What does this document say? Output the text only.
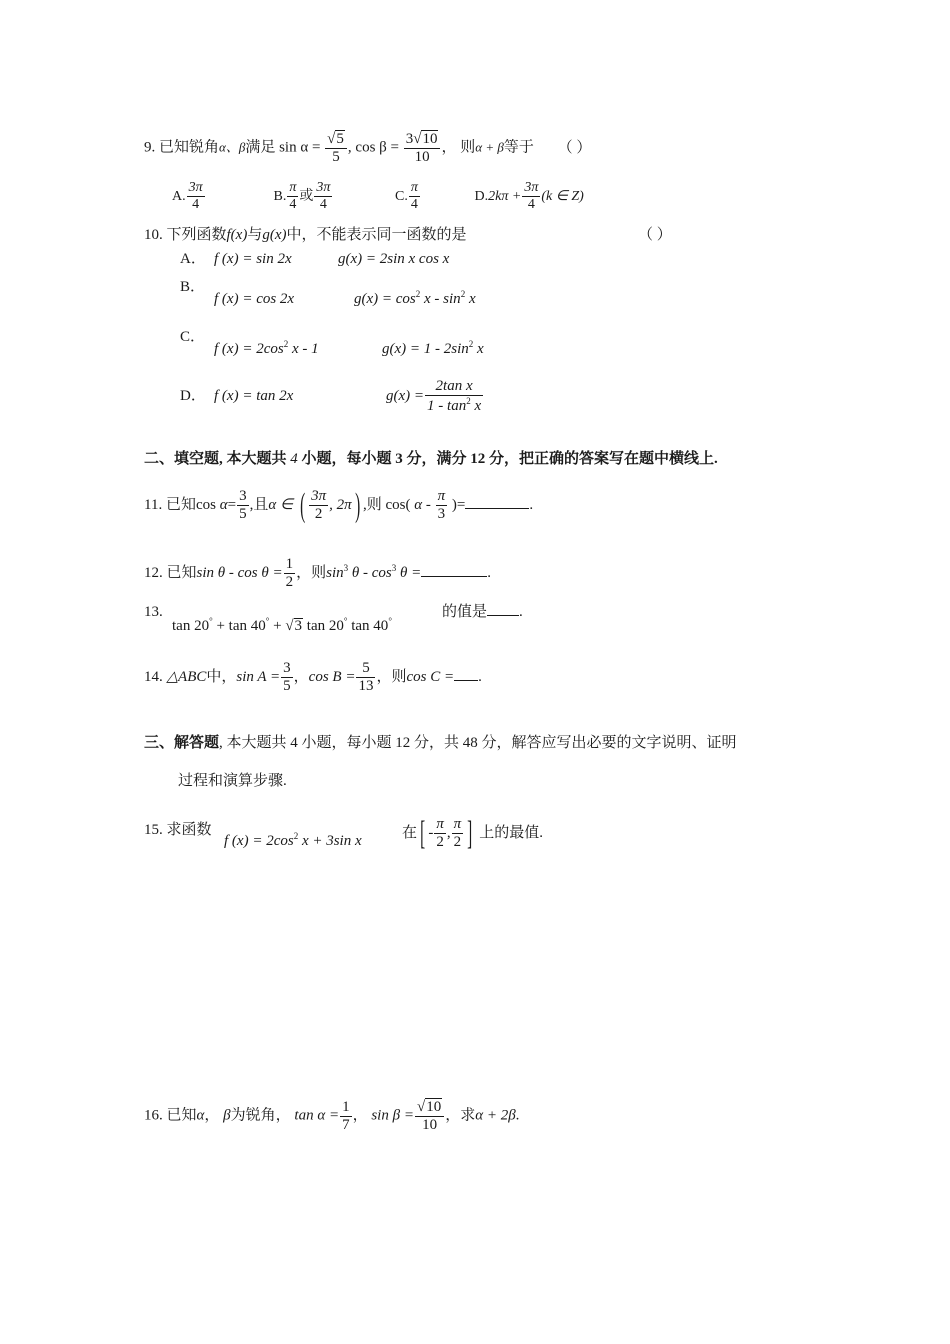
9. 已知锐角α、β满足 $\sin \alpha = \frac{√5}{5}$ , $\cos \beta = \frac{3√10}{10}$ ， 则α + β等于 （ ）
A. $\frac{3\pi}{4}$	B. $\frac{\pi}{4}$ 或 $\frac{3\pi}{4}$	C. $\frac{\pi}{4}$	$D.2k\pi + \frac{3\pi}{4} (k$ ∈ Z)
10. 下列函数f(x)与g(x)中，不能表示同一函数的是	（ ）
A． f (x) = sin 2x	g(x) = 2sin x cos x
B．
f (x) = cos 2x	$g(x) = \cos^2 x - \sin^2 x$
C．
f $(x) = 2\cos^2$ x - 1	$g(x) = 1 - 2\sin^2$ x
D． f (x) = tan 2x	$g(x) = \frac{\text{2tan x}}{1 - \tan^2 x}$
二、填空题, 本大题共 4 小题，每小题 3 分，满分 12 分，把正确的答案写在题中横线上.
11. 已知$\cos \alpha= \frac{3}{5}$ ,且α ∈ ( $\frac{3\pi}{2}$ , 2π) ,则 cos( α - $\frac{\pi}{3}$ )=	.
12. 已知$\sin \theta - \cos \theta = \frac{1}{2}$ ，则$\sin^3 \theta - \cos^3 \theta$ =	.
13.
tan 20° + tan 40° + √3 tan 20° tan 40°
的值是 .
14. △ABC中，$\sin A = \frac{3}{5}$ ，$\cos B = \frac{5}{13}$ ，则cos C = .
三、解答题, 本大题共 4 小题，每小题 12 分，共 48 分，解答应写出必要的文字说明、证明
过程和演算步骤.
15. 求函数
f $(x) = 2\cos^2$ x + 3sin x	在[ - $\frac{\pi}{2}$ , $\frac{\pi}{2}$ ] 上的最值.
16. 已知α， β为锐角， $\tan \alpha = \frac{1}{7}$ ， $\sin \beta = \frac{√10}{10}$ ，求α + 2β.
